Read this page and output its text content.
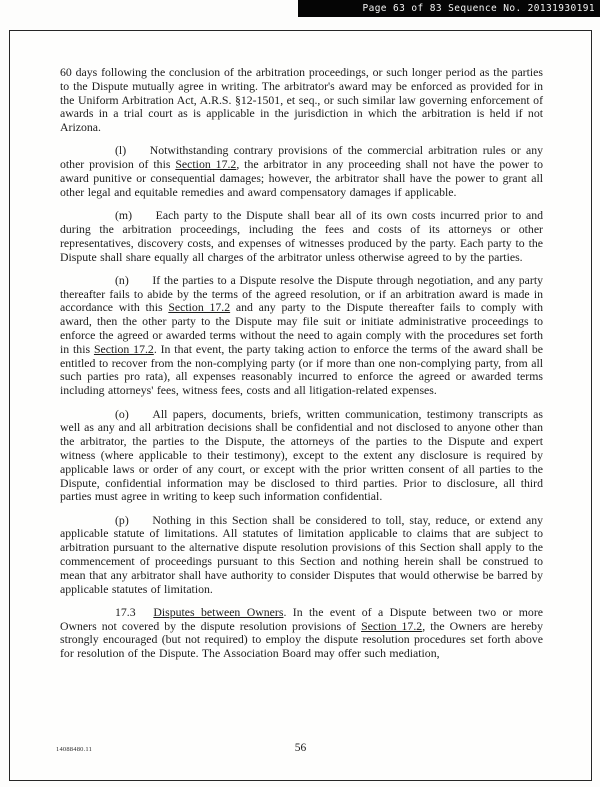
Page 63 of 83 Sequence No. 20131930191

60 days following the conclusion of the arbitration proceedings, or such longer period as the parties to the Dispute mutually agree in writing. The arbitrator's award may be enforced as provided for in the Uniform Arbitration Act, A.R.S. §12-1501, et seq., or such similar law governing enforcement of awards in a trial court as is applicable in the jurisdiction in which the arbitration is held if not Arizona.

(l)  Notwithstanding contrary provisions of the commercial arbitration rules or any other provision of this Section 17.2, the arbitrator in any proceeding shall not have the power to award punitive or consequential damages; however, the arbitrator shall have the power to grant all other legal and equitable remedies and award compensatory damages if applicable.

(m)  Each party to the Dispute shall bear all of its own costs incurred prior to and during the arbitration proceedings, including the fees and costs of its attorneys or other representatives, discovery costs, and expenses of witnesses produced by the party. Each party to the Dispute shall share equally all charges of the arbitrator unless otherwise agreed to by the parties.

(n)  If the parties to a Dispute resolve the Dispute through negotiation, and any party thereafter fails to abide by the terms of the agreed resolution, or if an arbitration award is made in accordance with this Section 17.2 and any party to the Dispute thereafter fails to comply with award, then the other party to the Dispute may file suit or initiate administrative proceedings to enforce the agreed or awarded terms without the need to again comply with the procedures set forth in this Section 17.2. In that event, the party taking action to enforce the terms of the award shall be entitled to recover from the non-complying party (or if more than one non-complying party, from all such parties pro rata), all expenses reasonably incurred to enforce the agreed or awarded terms including attorneys' fees, witness fees, costs and all litigation-related expenses.

(o)  All papers, documents, briefs, written communication, testimony transcripts as well as any and all arbitration decisions shall be confidential and not disclosed to anyone other than the arbitrator, the parties to the Dispute, the attorneys of the parties to the Dispute and expert witness (where applicable to their testimony), except to the extent any disclosure is required by applicable laws or order of any court, or except with the prior written consent of all parties to the Dispute, confidential information may be disclosed to third parties. Prior to disclosure, all third parties must agree in writing to keep such information confidential.

(p)  Nothing in this Section shall be considered to toll, stay, reduce, or extend any applicable statute of limitations. All statutes of limitation applicable to claims that are subject to arbitration pursuant to the alternative dispute resolution provisions of this Section shall apply to the commencement of proceedings pursuant to this Section and nothing herein shall be construed to mean that any arbitrator shall have authority to consider Disputes that would otherwise be barred by applicable statutes of limitation.

17.3  Disputes between Owners. In the event of a Dispute between two or more Owners not covered by the dispute resolution provisions of Section 17.2, the Owners are hereby strongly encouraged (but not required) to employ the dispute resolution procedures set forth above for resolution of the Dispute. The Association Board may offer such mediation,

14088480.11	56
